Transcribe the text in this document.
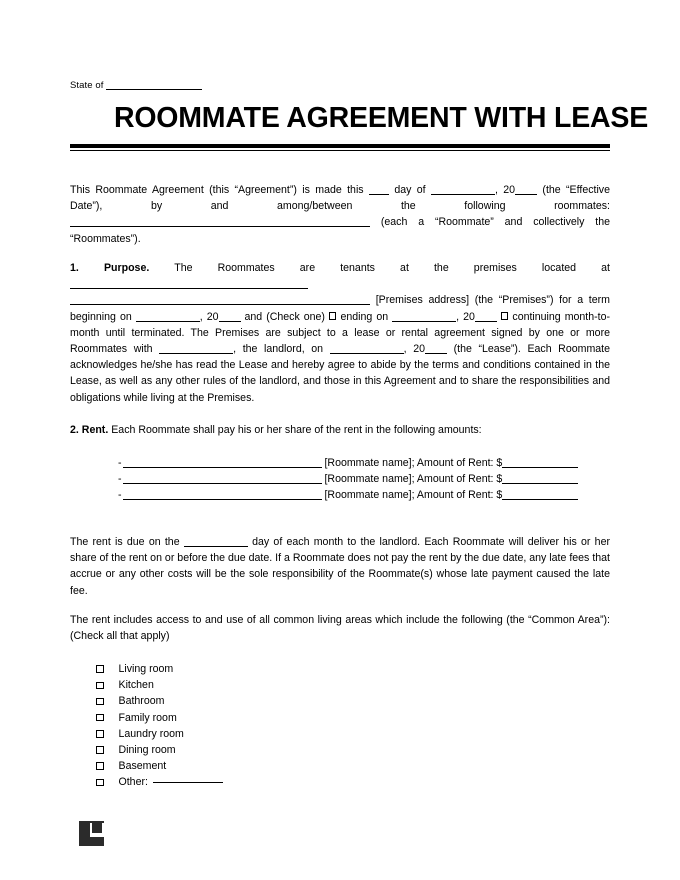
State of
ROOMMATE AGREEMENT WITH LEASE
This Roommate Agreement (this “Agreement”) is made this	day of	, 20	(the “Effective Date”), by and among/between the following roommates:  (each a “Roommate” and collectively the “Roommates”).
1. Purpose. The Roommates are tenants at the premises located at   [Premises address] (the “Premises”) for a term beginning on	, 20 and (Check one) ending on	, 20	continuing month-to-month until terminated. The Premises are subject to a lease or rental agreement signed by one or more Roommates with	, the landlord, on	, 20	(the “Lease”). Each Roommate acknowledges he/she has read the Lease and hereby agree to abide by the terms and conditions contained in the Lease, as well as any other rules of the landlord, and those in this Agreement and to share the responsibilities and obligations while living at the Premises.
2. Rent. Each Roommate shall pay his or her share of the rent in the following amounts:
-	[Roommate name]; Amount of Rent: $
-	[Roommate name]; Amount of Rent: $
-	[Roommate name]; Amount of Rent: $
The rent is due on the	day of each month to the landlord. Each Roommate will deliver his or her share of the rent on or before the due date. If a Roommate does not pay the rent by the due date, any late fees that accrue or any other costs will be the sole responsibility of the Roommate(s) whose late payment caused the late fee.
The rent includes access to and use of all common living areas which include the following (the “Common Area”): (Check all that apply)
Living room
Kitchen
Bathroom
Family room
Laundry room
Dining room
Basement
Other:
